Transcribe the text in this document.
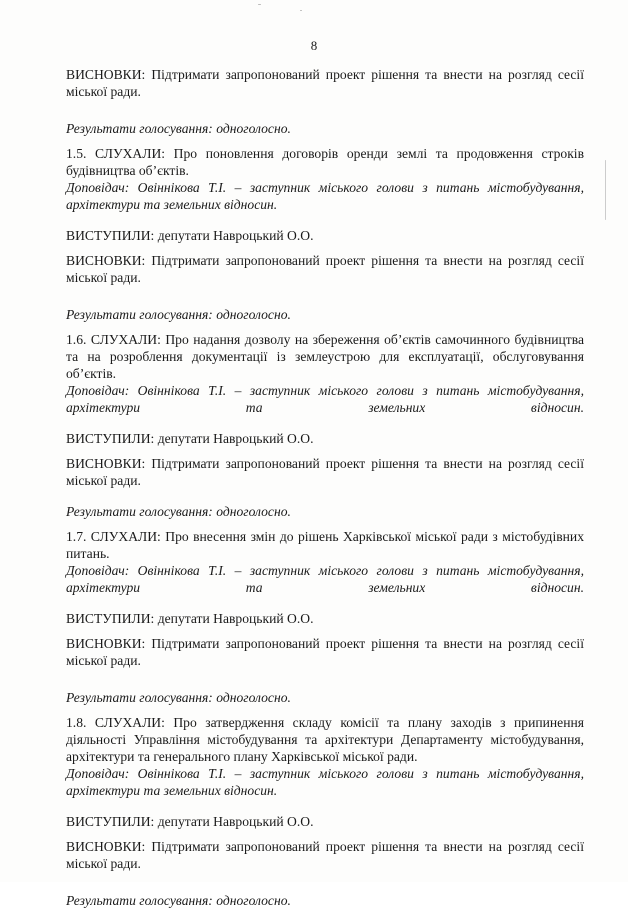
8

ВИСНОВКИ: Підтримати запропонований проект рішення та внести на розгляд сесії міської ради.

Результати голосування: одноголосно.

1.5. СЛУХАЛИ: Про поновлення договорів оренди землі та продовження строків будівництва об’єктів.

Доповідач: Овіннікова Т.І. – заступник міського голови з питань містобудування, архітектури та земельних відносин.

ВИСТУПИЛИ: депутати Навроцький О.О.

ВИСНОВКИ: Підтримати запропонований проект рішення та внести на розгляд сесії міської ради.

Результати голосування: одноголосно.

1.6. СЛУХАЛИ: Про надання дозволу на збереження об’єктів самочинного будівництва та на розроблення документації із землеустрою для експлуатації, обслуговування об’єктів.

Доповідач: Овіннікова Т.І. – заступник міського голови з питань містобудування, архітектури та земельних відносин.

ВИСТУПИЛИ: депутати Навроцький О.О.

ВИСНОВКИ: Підтримати запропонований проект рішення та внести на розгляд сесії міської ради.

Результати голосування: одноголосно.

1.7. СЛУХАЛИ: Про внесення змін до рішень Харківської міської ради з містобудівних питань.

Доповідач: Овіннікова Т.І. – заступник міського голови з питань містобудування, архітектури та земельних відносин.

ВИСТУПИЛИ: депутати Навроцький О.О.

ВИСНОВКИ: Підтримати запропонований проект рішення та внести на розгляд сесії міської ради.

Результати голосування: одноголосно.

1.8. СЛУХАЛИ: Про затвердження складу комісії та плану заходів з припинення діяльності Управління містобудування та архітектури Департаменту містобудування, архітектури та генерального плану Харківської міської ради.

Доповідач: Овіннікова Т.І. – заступник міського голови з питань містобудування, архітектури та земельних відносин.

ВИСТУПИЛИ: депутати Навроцький О.О.

ВИСНОВКИ: Підтримати запропонований проект рішення та внести на розгляд сесії міської ради.

Результати голосування: одноголосно.
